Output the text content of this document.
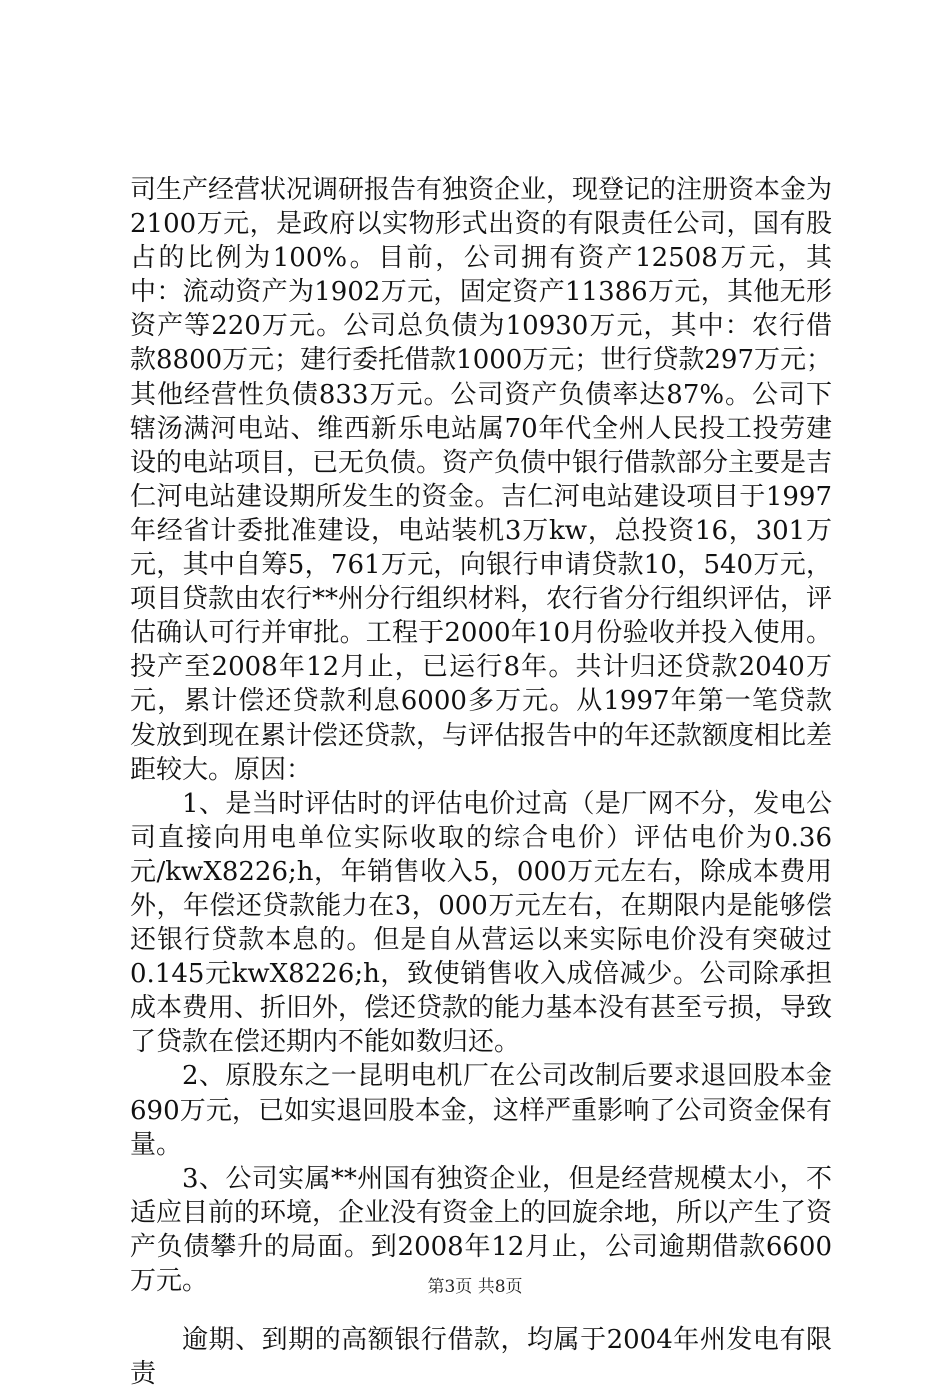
司生产经营状况调研报告有独资企业，现登记的注册资本金为2100万元，是政府以实物形式出资的有限责任公司，国有股占的比例为100%。目前，公司拥有资产12508万元，其中：流动资产为1902万元，固定资产11386万元，其他无形资产等220万元。公司总负债为10930万元，其中：农行借款8800万元；建行委托借款1000万元；世行贷款297万元；其他经营性负债833万元。公司资产负债率达87%。公司下辖汤满河电站、维西新乐电站属70年代全州人民投工投劳建设的电站项目，已无负债。资产负债中银行借款部分主要是吉仁河电站建设期所发生的资金。吉仁河电站建设项目于1997年经省计委批准建设，电站装机3万kw，总投资16，301万元，其中自筹5，761万元，向银行申请贷款10，540万元，项目贷款由农行**州分行组织材料，农行省分行组织评估，评估确认可行并审批。工程于2000年10月份验收并投入使用。投产至2008年12月止，已运行8年。共计归还贷款2040万元，累计偿还贷款利息6000多万元。从1997年第一笔贷款发放到现在累计偿还贷款，与评估报告中的年还款额度相比差距较大。原因：

1、是当时评估时的评估电价过高（是厂网不分，发电公司直接向用电单位实际收取的综合电价）评估电价为0.36元/kwX8226;h，年销售收入5，000万元左右，除成本费用外，年偿还贷款能力在3，000万元左右，在期限内是能够偿还银行贷款本息的。但是自从营运以来实际电价没有突破过0.145元kwX8226;h，致使销售收入成倍减少。公司除承担成本费用、折旧外，偿还贷款的能力基本没有甚至亏损，导致了贷款在偿还期内不能如数归还。

2、原股东之一昆明电机厂在公司改制后要求退回股本金690万元，已如实退回股本金，这样严重影响了公司资金保有量。

3、公司实属**州国有独资企业，但是经营规模太小，不适应目前的环境，企业没有资金上的回旋余地，所以产生了资产负债攀升的局面。到2008年12月止，公司逾期借款6600万元。

逾期、到期的高额银行借款，均属于2004年州发电有限责

第3页 共8页
